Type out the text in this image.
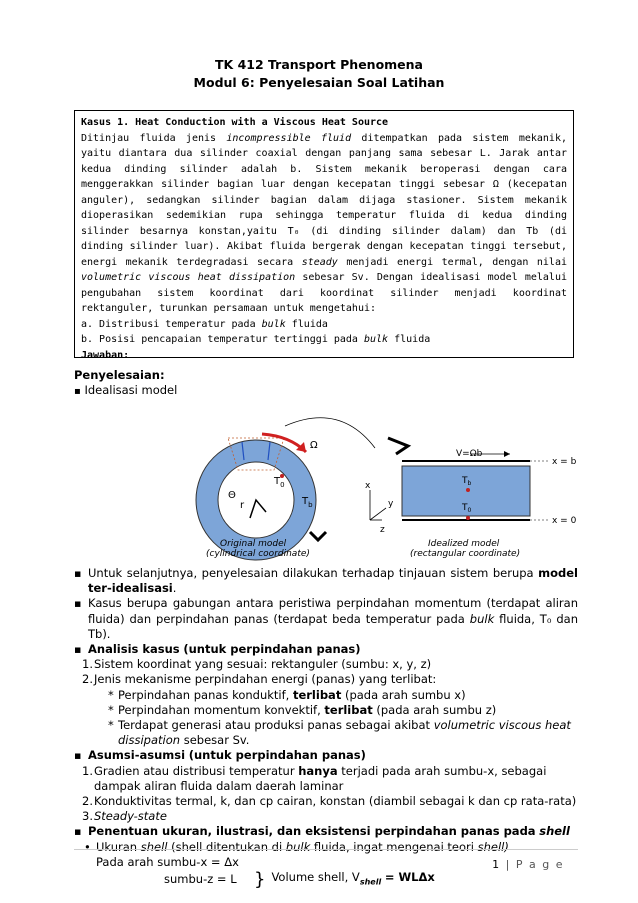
TK 412 Transport Phenomena
Modul 6: Penyelesaian Soal Latihan

Kasus 1. Heat Conduction with a Viscous Heat Source

Ditinjau fluida jenis incompressible fluid ditempatkan pada sistem mekanik, yaitu diantara dua silinder coaxial dengan panjang sama sebesar L. Jarak antar kedua dinding silinder adalah b. Sistem mekanik beroperasi dengan cara menggerakkan silinder bagian luar dengan kecepatan tinggi sebesar Ω (kecepatan anguler), sedangkan silinder bagian dalam dijaga stasioner. Sistem mekanik dioperasikan sedemikian rupa sehingga temperatur fluida di kedua dinding silinder besarnya konstan,yaitu T₀ (di dinding silinder dalam) dan Tb (di dinding silinder luar). Akibat fluida bergerak dengan kecepatan tinggi tersebut, energi mekanik terdegradasi secara steady menjadi energi termal, dengan nilai volumetric viscous heat dissipation sebesar Sv. Dengan idealisasi model melalui pengubahan sistem koordinat dari koordinat silinder menjadi koordinat rektanguler, turunkan persamaan untuk mengetahui:

a. Distribusi temperatur pada bulk fluida

b. Posisi pencapaian temperatur tertinggi pada bulk fluida

Jawaban:

Penyelesaian:
▪ Idealisasi model
Ω
$T_0$
$T_b$
Θ
r
V=Ωb
$T_b$
$T_0$
x = b
x = 0
x
y
z
Original model
(cylindrical coordinate)
Idealized model
(rectangular coordinate)

▪ Untuk selanjutnya, penyelesaian dilakukan terhadap tinjauan sistem berupa model ter-idealisasi.

▪ Kasus berupa gabungan antara peristiwa perpindahan momentum (terdapat aliran fluida) dan perpindahan panas (terdapat beda temperatur pada bulk fluida, T₀ dan Tb).

▪ Analisis kasus (untuk perpindahan panas)

1. Sistem koordinat yang sesuai: rektanguler (sumbu: x, y, z)

2. Jenis mekanisme perpindahan energi (panas) yang terlibat:

* Perpindahan panas konduktif, terlibat (pada arah sumbu x)

* Perpindahan momentum konvektif, terlibat (pada arah sumbu z)

* Terdapat generasi atau produksi panas sebagai akibat volumetric viscous heat dissipation sebesar Sv.

▪ Asumsi-asumsi (untuk perpindahan panas)

1. Gradien atau distribusi temperatur hanya terjadi pada arah sumbu-x, sebagai dampak aliran fluida dalam daerah laminar

2. Konduktivitas termal, k, dan cp cairan, konstan (diambil sebagai k dan cp rata-rata)

3. Steady-state

▪ Penentuan ukuran, ilustrasi, dan eksistensi perpindahan panas pada shell

• Ukuran shell (shell ditentukan di bulk fluida, ingat mengenai teori shell)

Pada arah sumbu-x = Δx

sumbu-z = L } Volume shell, $V_{shell} = WL\Delta x$
1 | P a g e
